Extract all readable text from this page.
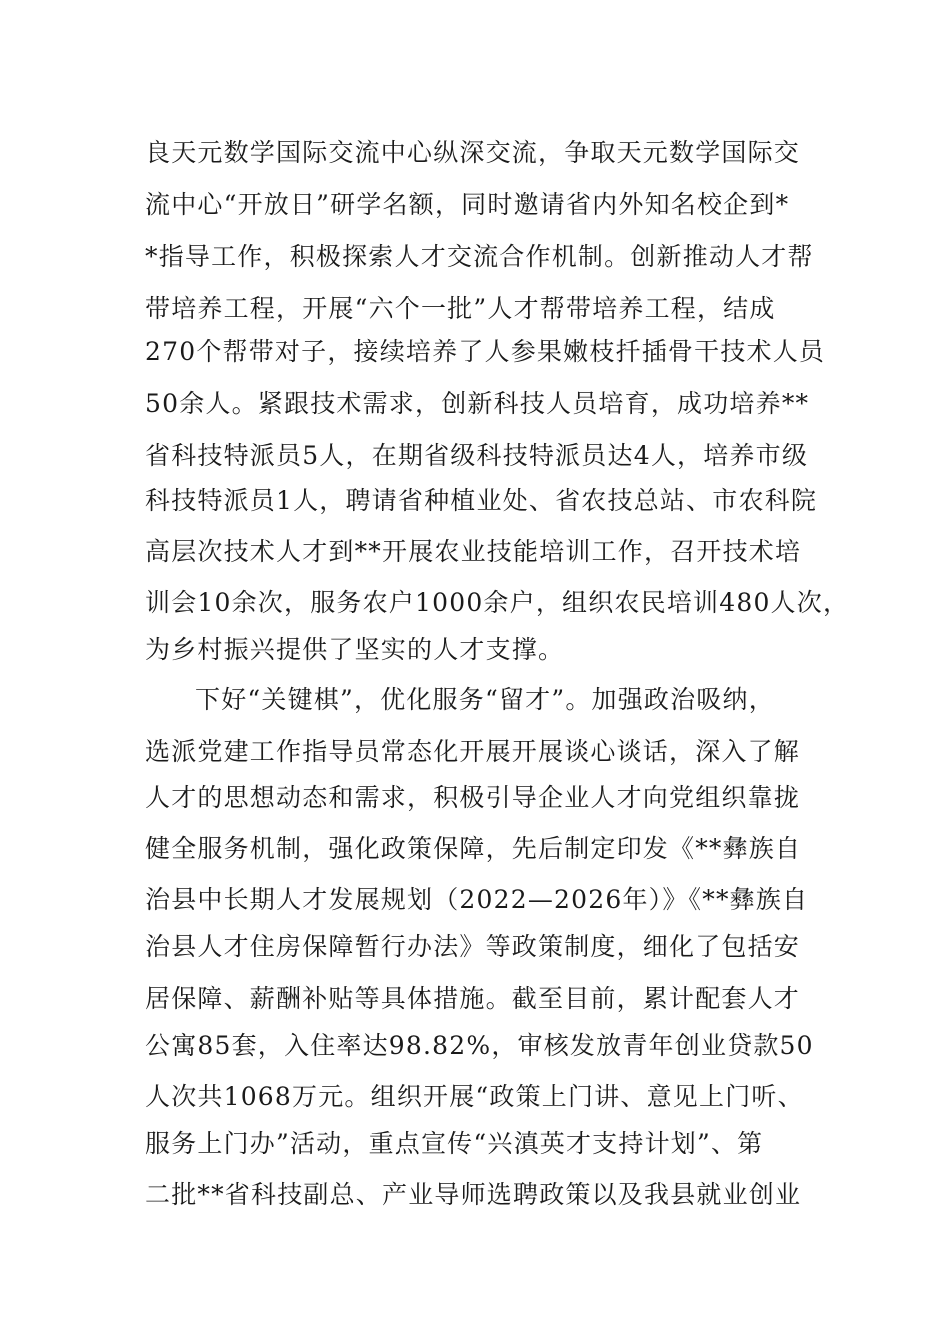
良天元数学国际交流中心纵深交流，争取天元数学国际交
流中心“开放日”研学名额，同时邀请省内外知名校企到*
*指导工作，积极探索人才交流合作机制。创新推动人才帮
带培养工程，开展“六个一批”人才帮带培养工程，结成
270个帮带对子，接续培养了人参果嫩枝扦插骨干技术人员
50余人。紧跟技术需求，创新科技人员培育，成功培养**
省科技特派员5人，在期省级科技特派员达4人，培养市级
科技特派员1人，聘请省种植业处、省农技总站、市农科院
高层次技术人才到**开展农业技能培训工作，召开技术培
训会10余次，服务农户1000余户，组织农民培训480人次，
为乡村振兴提供了坚实的人才支撑。
下好“关键棋”，优化服务“留才”。加强政治吸纳，
选派党建工作指导员常态化开展开展谈心谈话，深入了解
人才的思想动态和需求，积极引导企业人才向党组织靠拢
健全服务机制，强化政策保障，先后制定印发《**彝族自
治县中长期人才发展规划（2022—2026年）》《**彝族自
治县人才住房保障暂行办法》等政策制度，细化了包括安
居保障、薪酬补贴等具体措施。截至目前，累计配套人才
公寓85套，入住率达98.82%，审核发放青年创业贷款50
人次共1068万元。组织开展“政策上门讲、意见上门听、
服务上门办”活动，重点宣传“兴滇英才支持计划”、第
二批**省科技副总、产业导师选聘政策以及我县就业创业
